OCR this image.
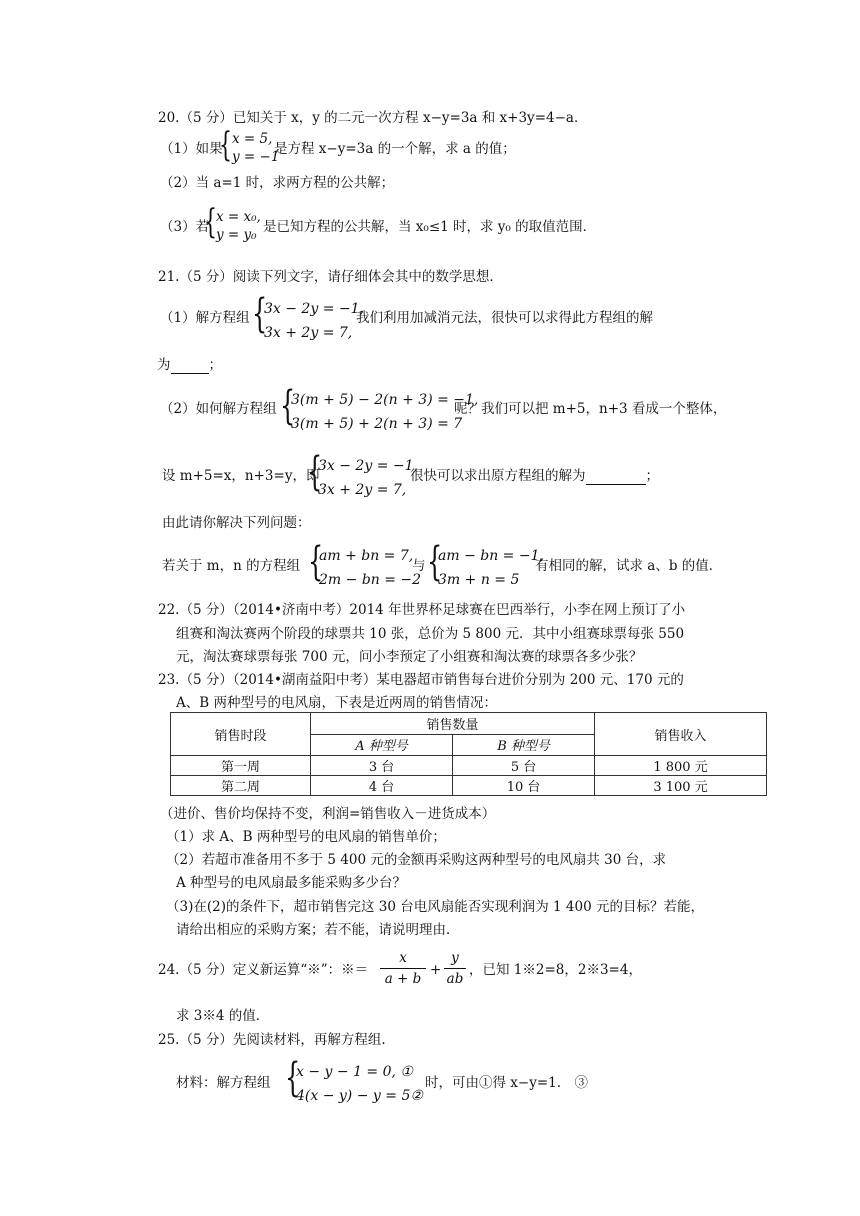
20.（5 分）已知关于 x，y 的二元一次方程 x−y=3a 和 x+3y=4−a．
（1）如果
{ x = 5,
y = −1
是方程 x−y=3a 的一个解，求 a 的值；
（2）当 a=1 时，求两方程的公共解；
（3）若
{ x = x₀,
y = y₀ 是已知方程的公共解，当 x₀≤1 时，求 y₀ 的取值范围．
21.（5 分）阅读下列文字，请仔细体会其中的数学思想．
（1）解方程组 {
3x − 2y = −1,
3x + 2y = 7,
我们利用加减消元法，很快可以求得此方程组的解
为	；
（2）如何解方程组 {
3(m + 5) − 2(n + 3) = −1,
3(m + 5) + 2(n + 3) = 7
呢？我们可以把 m+5，n+3 看成一个整体，
设 m+5=x，n+3=y，即
{
3x − 2y = −1,
3x + 2y = 7,
很快可以求出原方程组的解为	；
由此请你解决下列问题：
若关于 m，n 的方程组 {
am + bn = 7,
2m − bn = −2
与 {
am − bn = −1,
3m + n = 5
有相同的解，试求 a、b 的值．
22.（5 分）（2014•济南中考）2014 年世界杯足球赛在巴西举行，小李在网上预订了小
组赛和淘汰赛两个阶段的球票共 10 张，总价为 5 800 元．其中小组赛球票每张 550
元，淘汰赛球票每张 700 元，问小李预定了小组赛和淘汰赛的球票各多少张？
23.（5 分）（2014•湖南益阳中考）某电器超市销售每台进价分别为 200 元、170 元的
A、B 两种型号的电风扇，下表是近两周的销售情况：
销售时段	销售数量		销售收入
	A 种型号	B 种型号	
第一周	3 台	5 台	1 800 元
第二周	4 台	10 台	3 100 元
（进价、售价均保持不变，利润=销售收入－进货成本）
（1）求 A、B 两种型号的电风扇的销售单价；
（2）若超市准备用不多于 5 400 元的金额再采购这两种型号的电风扇共 30 台，求
A 种型号的电风扇最多能采购多少台？
（3)在(2)的条件下，超市销售完这 30 台电风扇能否实现利润为 1 400 元的目标？若能，
请给出相应的采购方案；若不能，请说明理由．
24.（5 分）定义新运算“※”：※＝ $\frac{x}{a + b} + \frac{y}{ab}$ ，已知 1※2=8，2※3=4，
求 3※4 的值．
25.（5 分）先阅读材料，再解方程组.
材料：解方程组 {
x − y − 1 = 0, ①
4(x − y) − y = 5②
时，可由①得 x−y=1.　③
